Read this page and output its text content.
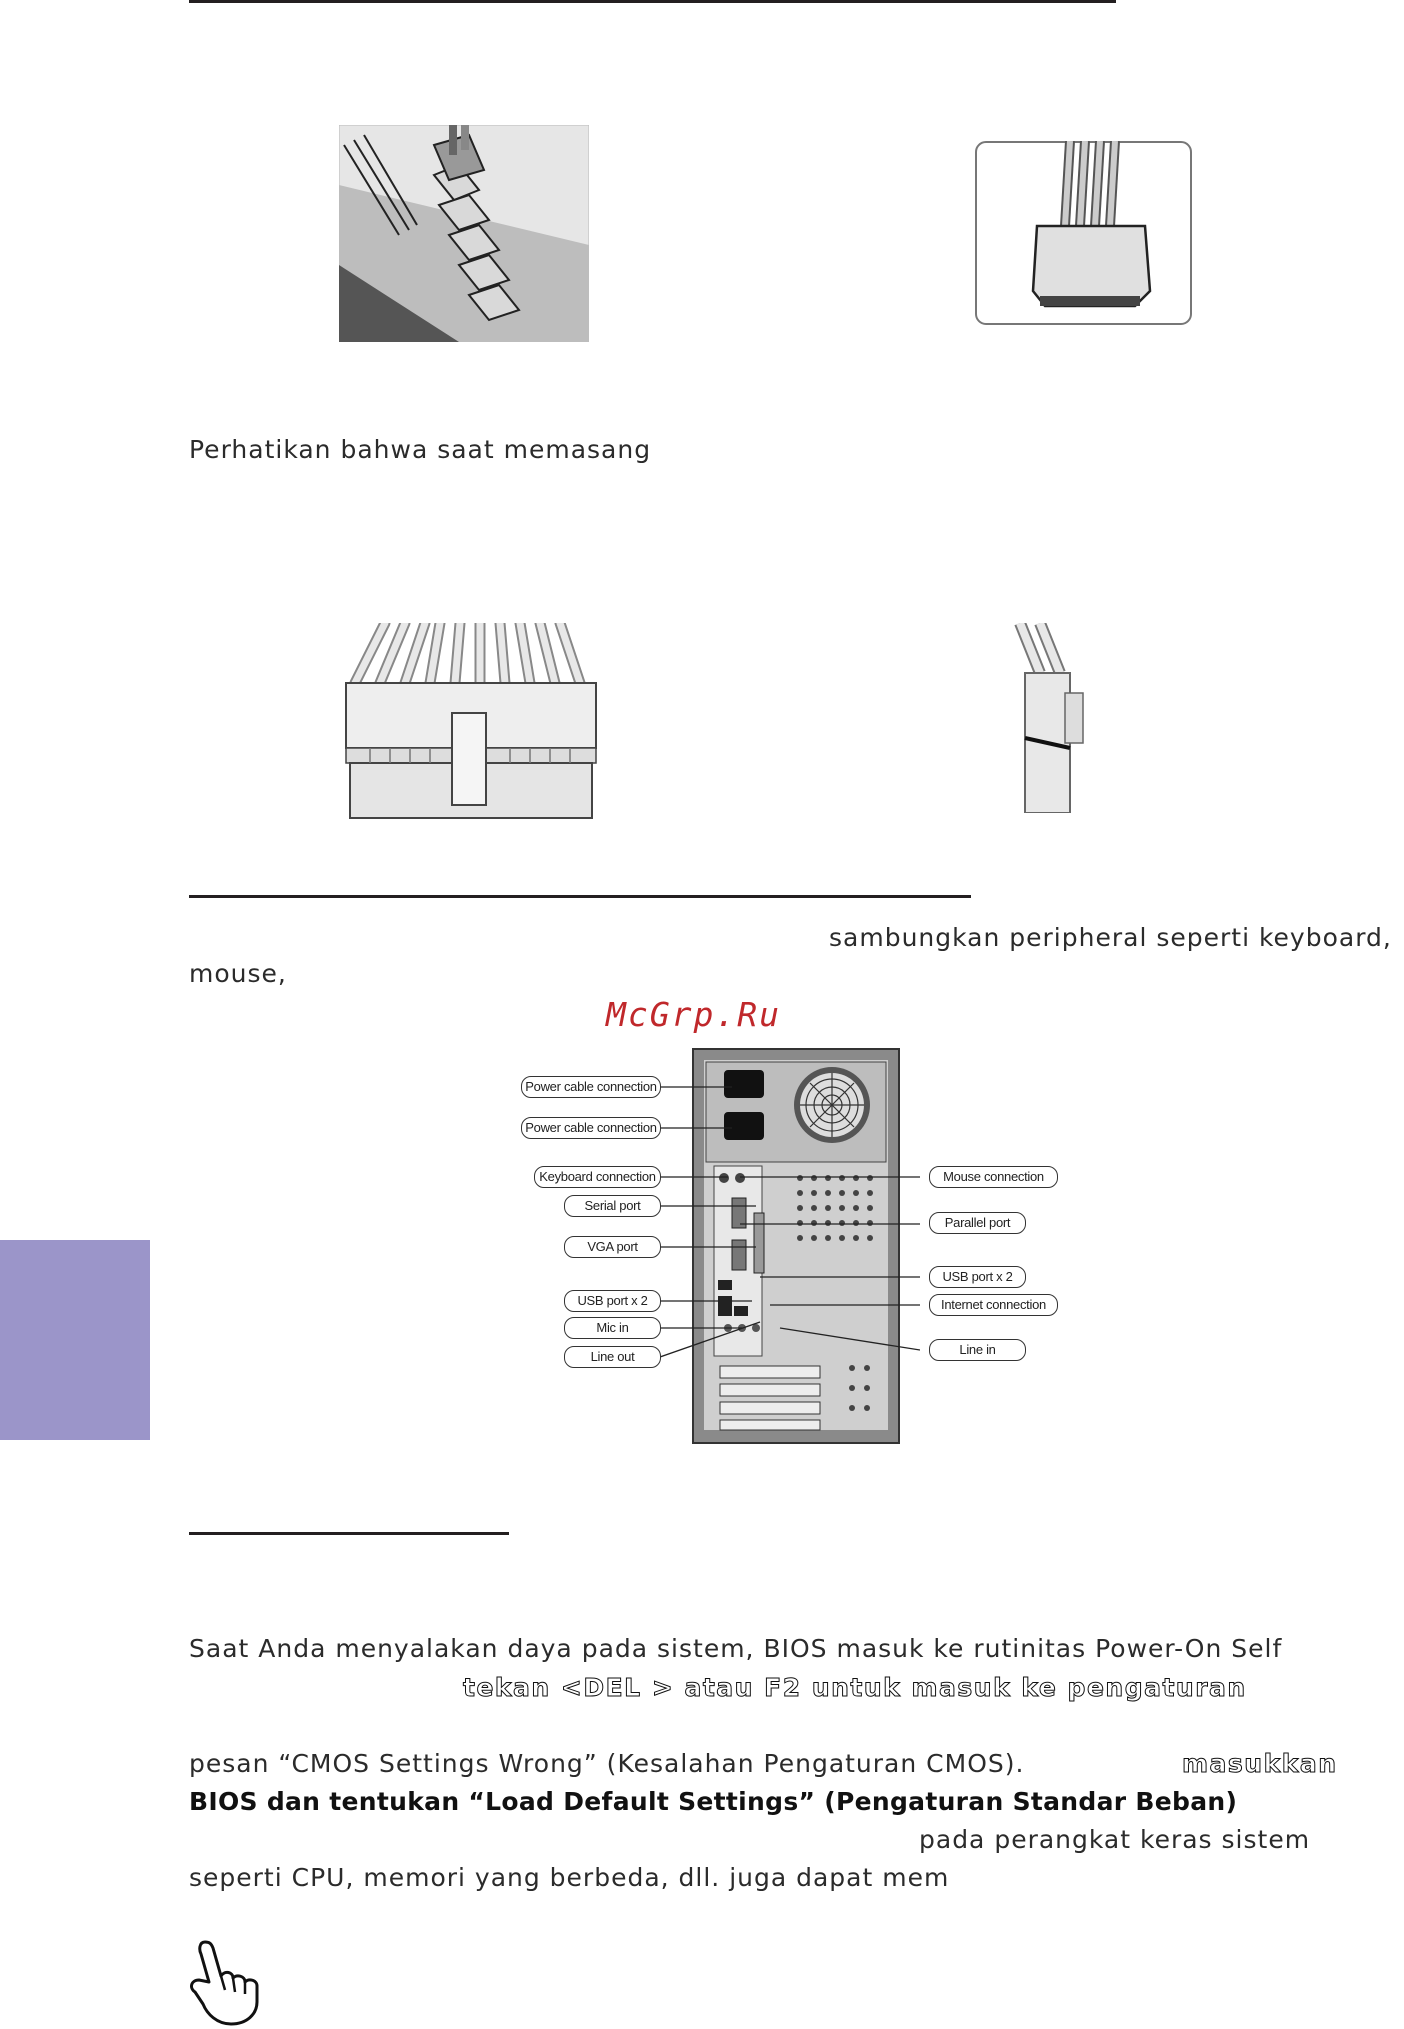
Perhatikan bahwa saat memasang
sambungkan peripheral seperti keyboard,
mouse,
McGrp.Ru
Power cable connection
Power cable connection
Keyboard connection
Serial port
VGA port
USB port x 2
Mic in
Line out
Mouse connection
Parallel port
USB port x 2
Internet connection
Line in
Saat Anda menyalakan daya pada sistem, BIOS masuk ke rutinitas Power-On Self
tekan <DEL > atau F2 untuk masuk ke pengaturan
pesan “CMOS Settings Wrong” (Kesalahan Pengaturan CMOS).	masukkan
BIOS dan tentukan “Load Default Settings” (Pengaturan Standar Beban)
pada perangkat keras sistem
seperti CPU, memori yang berbeda, dll. juga dapat mem
